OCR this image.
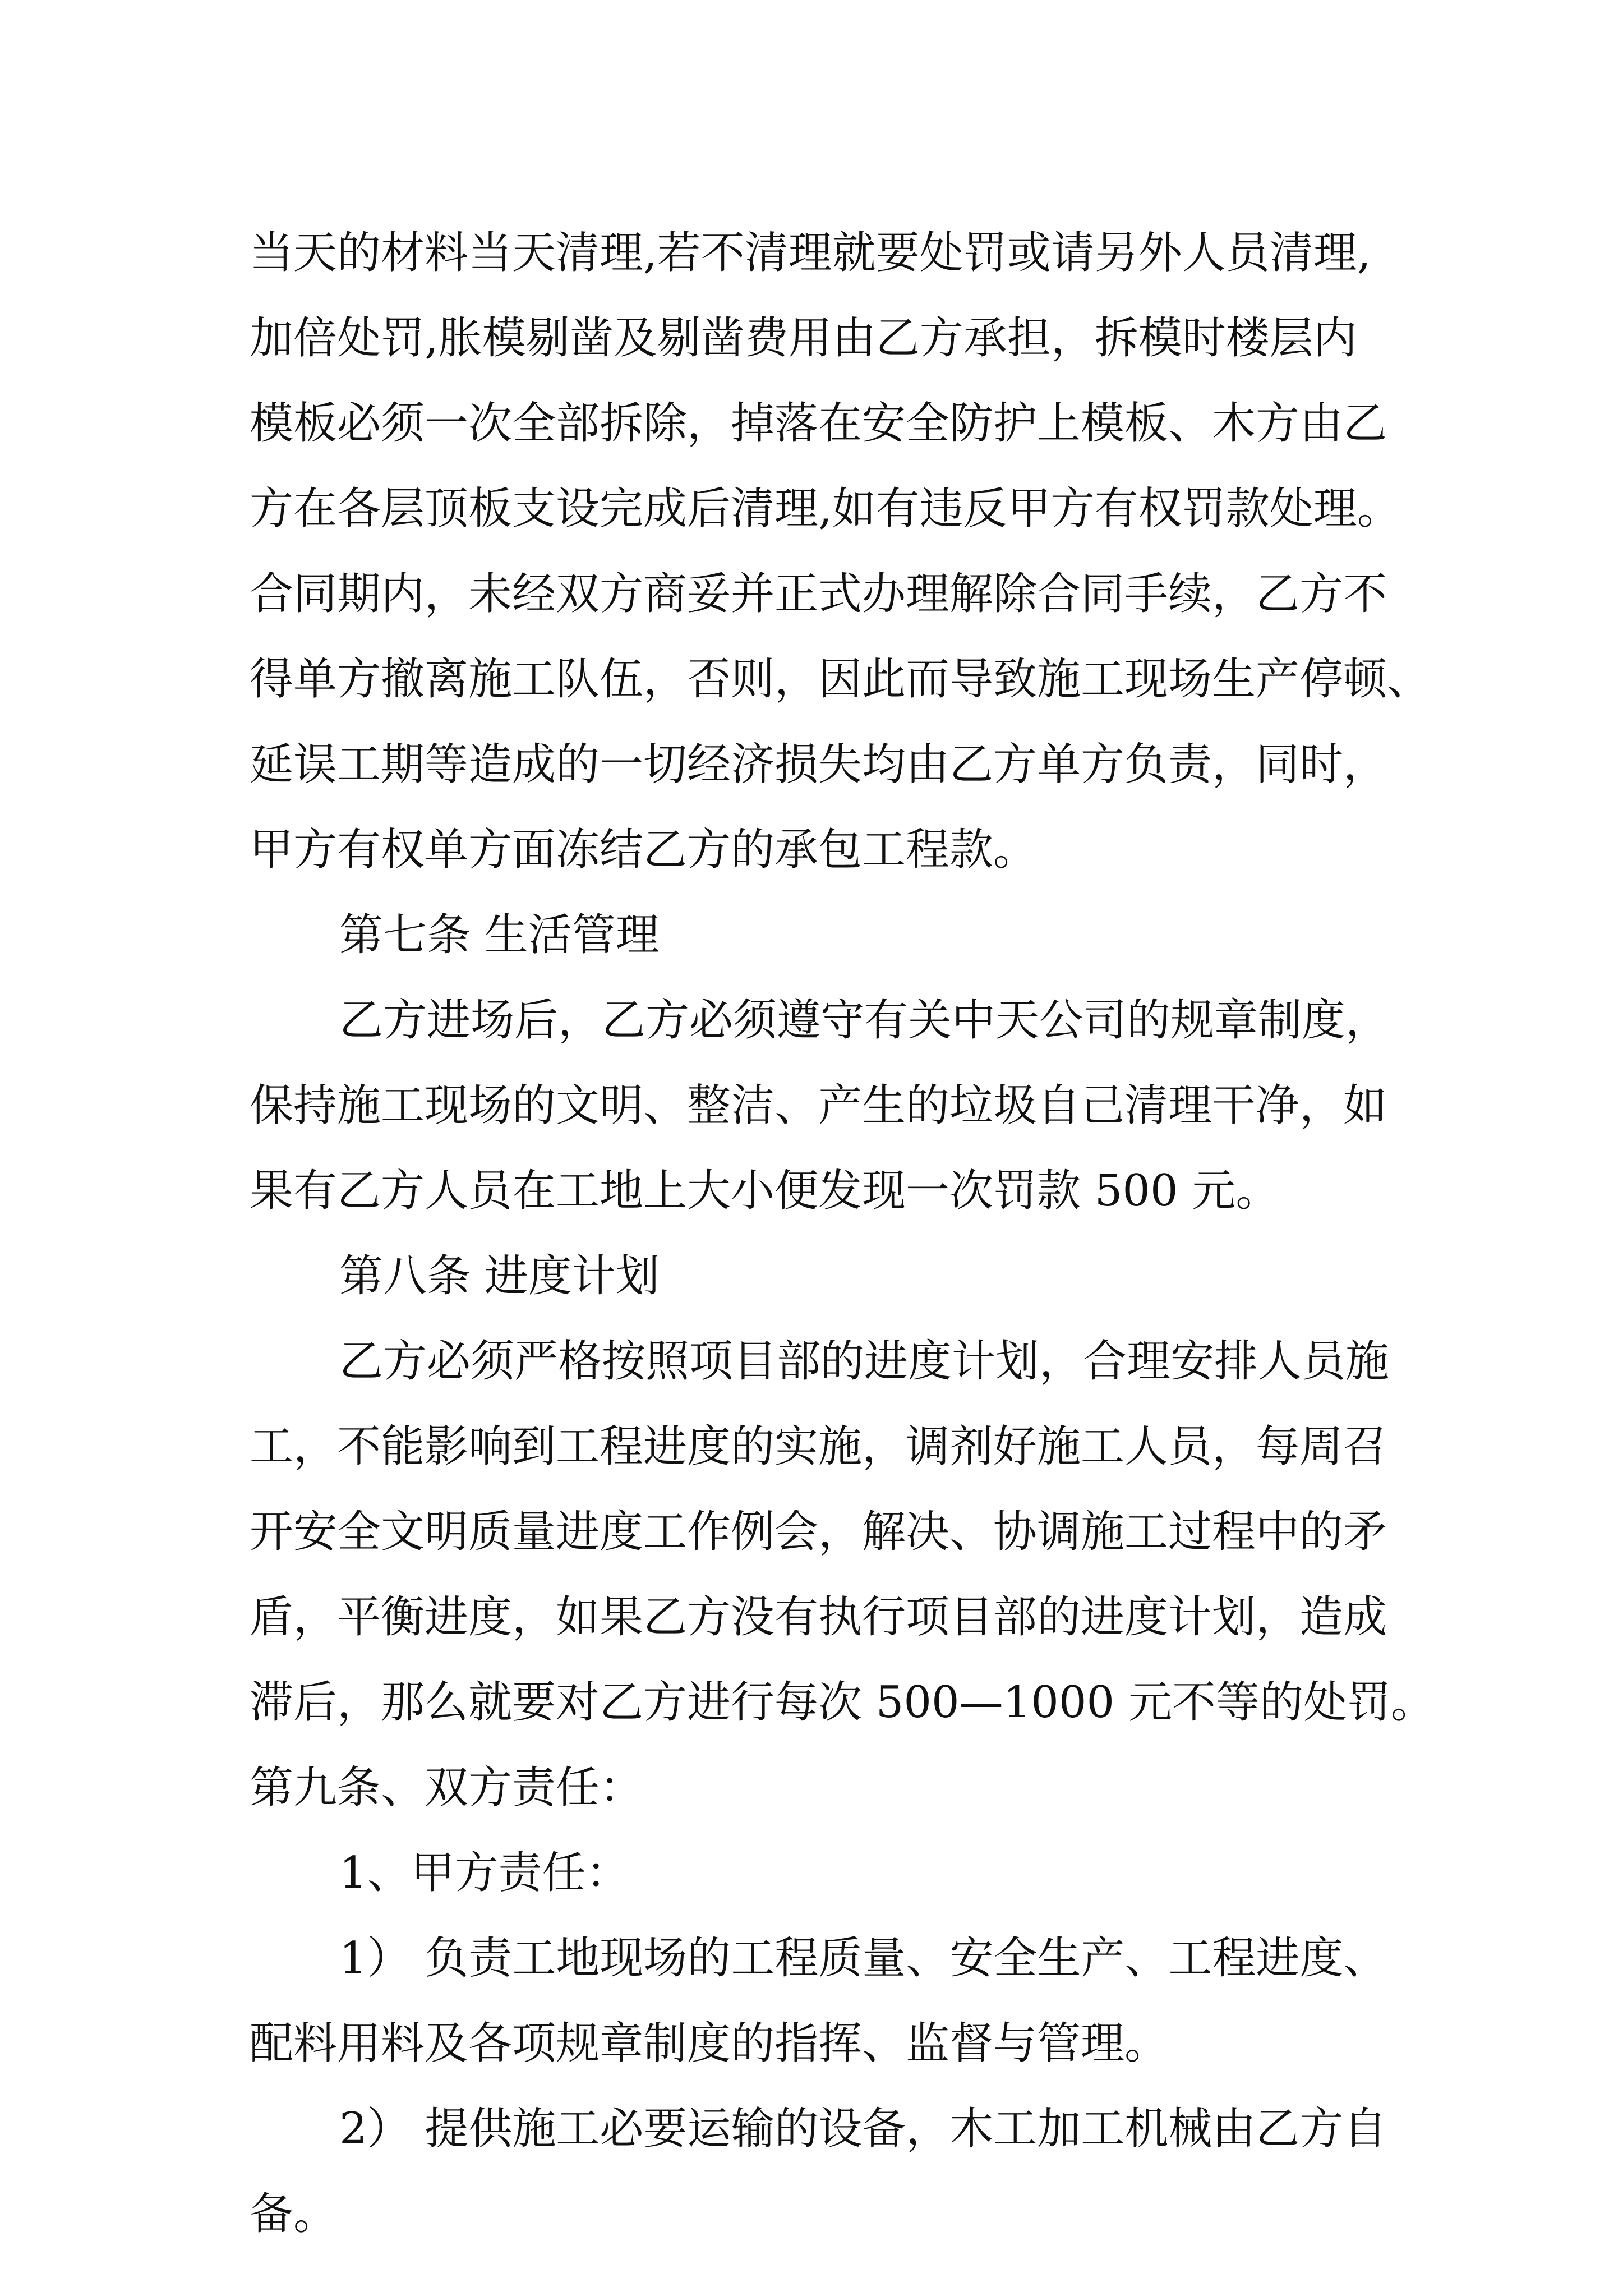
当天的材料当天清理,若不清理就要处罚或请另外人员清理,
加倍处罚,胀模剔凿及剔凿费用由乙方承担，拆模时楼层内
模板必须一次全部拆除，掉落在安全防护上模板、木方由乙
方在各层顶板支设完成后清理,如有违反甲方有权罚款处理。
合同期内，未经双方商妥并正式办理解除合同手续，乙方不
得单方撤离施工队伍，否则，因此而导致施工现场生产停顿、
延误工期等造成的一切经济损失均由乙方单方负责，同时，
甲方有权单方面冻结乙方的承包工程款。
第七条 生活管理
乙方进场后，乙方必须遵守有关中天公司的规章制度，
保持施工现场的文明、整洁、产生的垃圾自己清理干净，如
果有乙方人员在工地上大小便发现一次罚款 500 元。
第八条 进度计划
乙方必须严格按照项目部的进度计划，合理安排人员施
工，不能影响到工程进度的实施，调剂好施工人员，每周召
开安全文明质量进度工作例会，解决、协调施工过程中的矛
盾，平衡进度，如果乙方没有执行项目部的进度计划，造成
滞后，那么就要对乙方进行每次 500—1000 元不等的处罚。
第九条、双方责任：
1、甲方责任：
1） 负责工地现场的工程质量、安全生产、工程进度、
配料用料及各项规章制度的指挥、监督与管理。
2） 提供施工必要运输的设备，木工加工机械由乙方自
备。
